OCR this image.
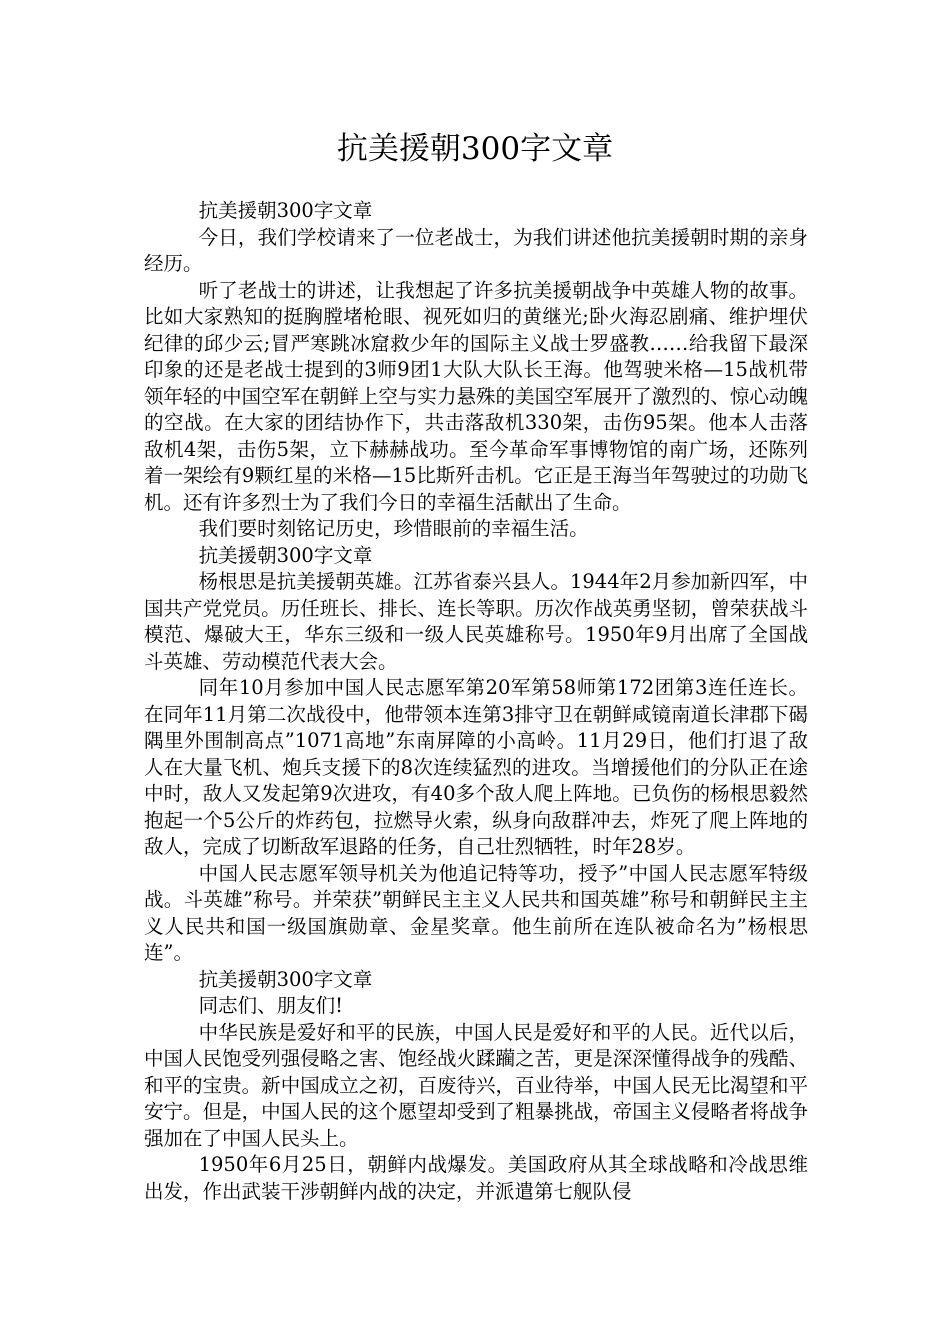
抗美援朝300字文章

抗美援朝300字文章

今日，我们学校请来了一位老战士，为我们讲述他抗美援朝时期的亲身经历。

听了老战士的讲述，让我想起了许多抗美援朝战争中英雄人物的故事。比如大家熟知的挺胸膛堵枪眼、视死如归的黄继光;卧火海忍剧痛、维护埋伏纪律的邱少云;冒严寒跳冰窟救少年的国际主义战士罗盛教……给我留下最深印象的还是老战士提到的3师9团1大队大队长王海。他驾驶米格—15战机带领年轻的中国空军在朝鲜上空与实力悬殊的美国空军展开了激烈的、惊心动魄的空战。在大家的团结协作下，共击落敌机330架，击伤95架。他本人击落敌机4架，击伤5架，立下赫赫战功。至今革命军事博物馆的南广场，还陈列着一架绘有9颗红星的米格—15比斯歼击机。它正是王海当年驾驶过的功勋飞机。还有许多烈士为了我们今日的幸福生活献出了生命。

我们要时刻铭记历史，珍惜眼前的幸福生活。

抗美援朝300字文章

杨根思是抗美援朝英雄。江苏省泰兴县人。1944年2月参加新四军，中国共产党党员。历任班长、排长、连长等职。历次作战英勇坚韧，曾荣获战斗模范、爆破大王，华东三级和一级人民英雄称号。1950年9月出席了全国战斗英雄、劳动模范代表大会。

同年10月参加中国人民志愿军第20军第58师第172团第3连任连长。在同年11月第二次战役中，他带领本连第3排守卫在朝鲜咸镜南道长津郡下碣隅里外围制高点”1071高地”东南屏障的小高岭。11月29日，他们打退了敌人在大量飞机、炮兵支援下的8次连续猛烈的进攻。当增援他们的分队正在途中时，敌人又发起第9次进攻，有40多个敌人爬上阵地。已负伤的杨根思毅然抱起一个5公斤的炸药包，拉燃导火索，纵身向敌群冲去，炸死了爬上阵地的敌人，完成了切断敌军退路的任务，自己壮烈牺牲，时年28岁。

中国人民志愿军领导机关为他追记特等功，授予”中国人民志愿军特级战。斗英雄”称号。并荣获”朝鲜民主主义人民共和国英雄”称号和朝鲜民主主义人民共和国一级国旗勋章、金星奖章。他生前所在连队被命名为”杨根思连”。

抗美援朝300字文章

同志们、朋友们!

中华民族是爱好和平的民族，中国人民是爱好和平的人民。近代以后，中国人民饱受列强侵略之害、饱经战火蹂躏之苦，更是深深懂得战争的残酷、和平的宝贵。新中国成立之初，百废待兴，百业待举，中国人民无比渴望和平安宁。但是，中国人民的这个愿望却受到了粗暴挑战，帝国主义侵略者将战争强加在了中国人民头上。

1950年6月25日，朝鲜内战爆发。美国政府从其全球战略和冷战思维出发，作出武装干涉朝鲜内战的决定，并派遣第七舰队侵
